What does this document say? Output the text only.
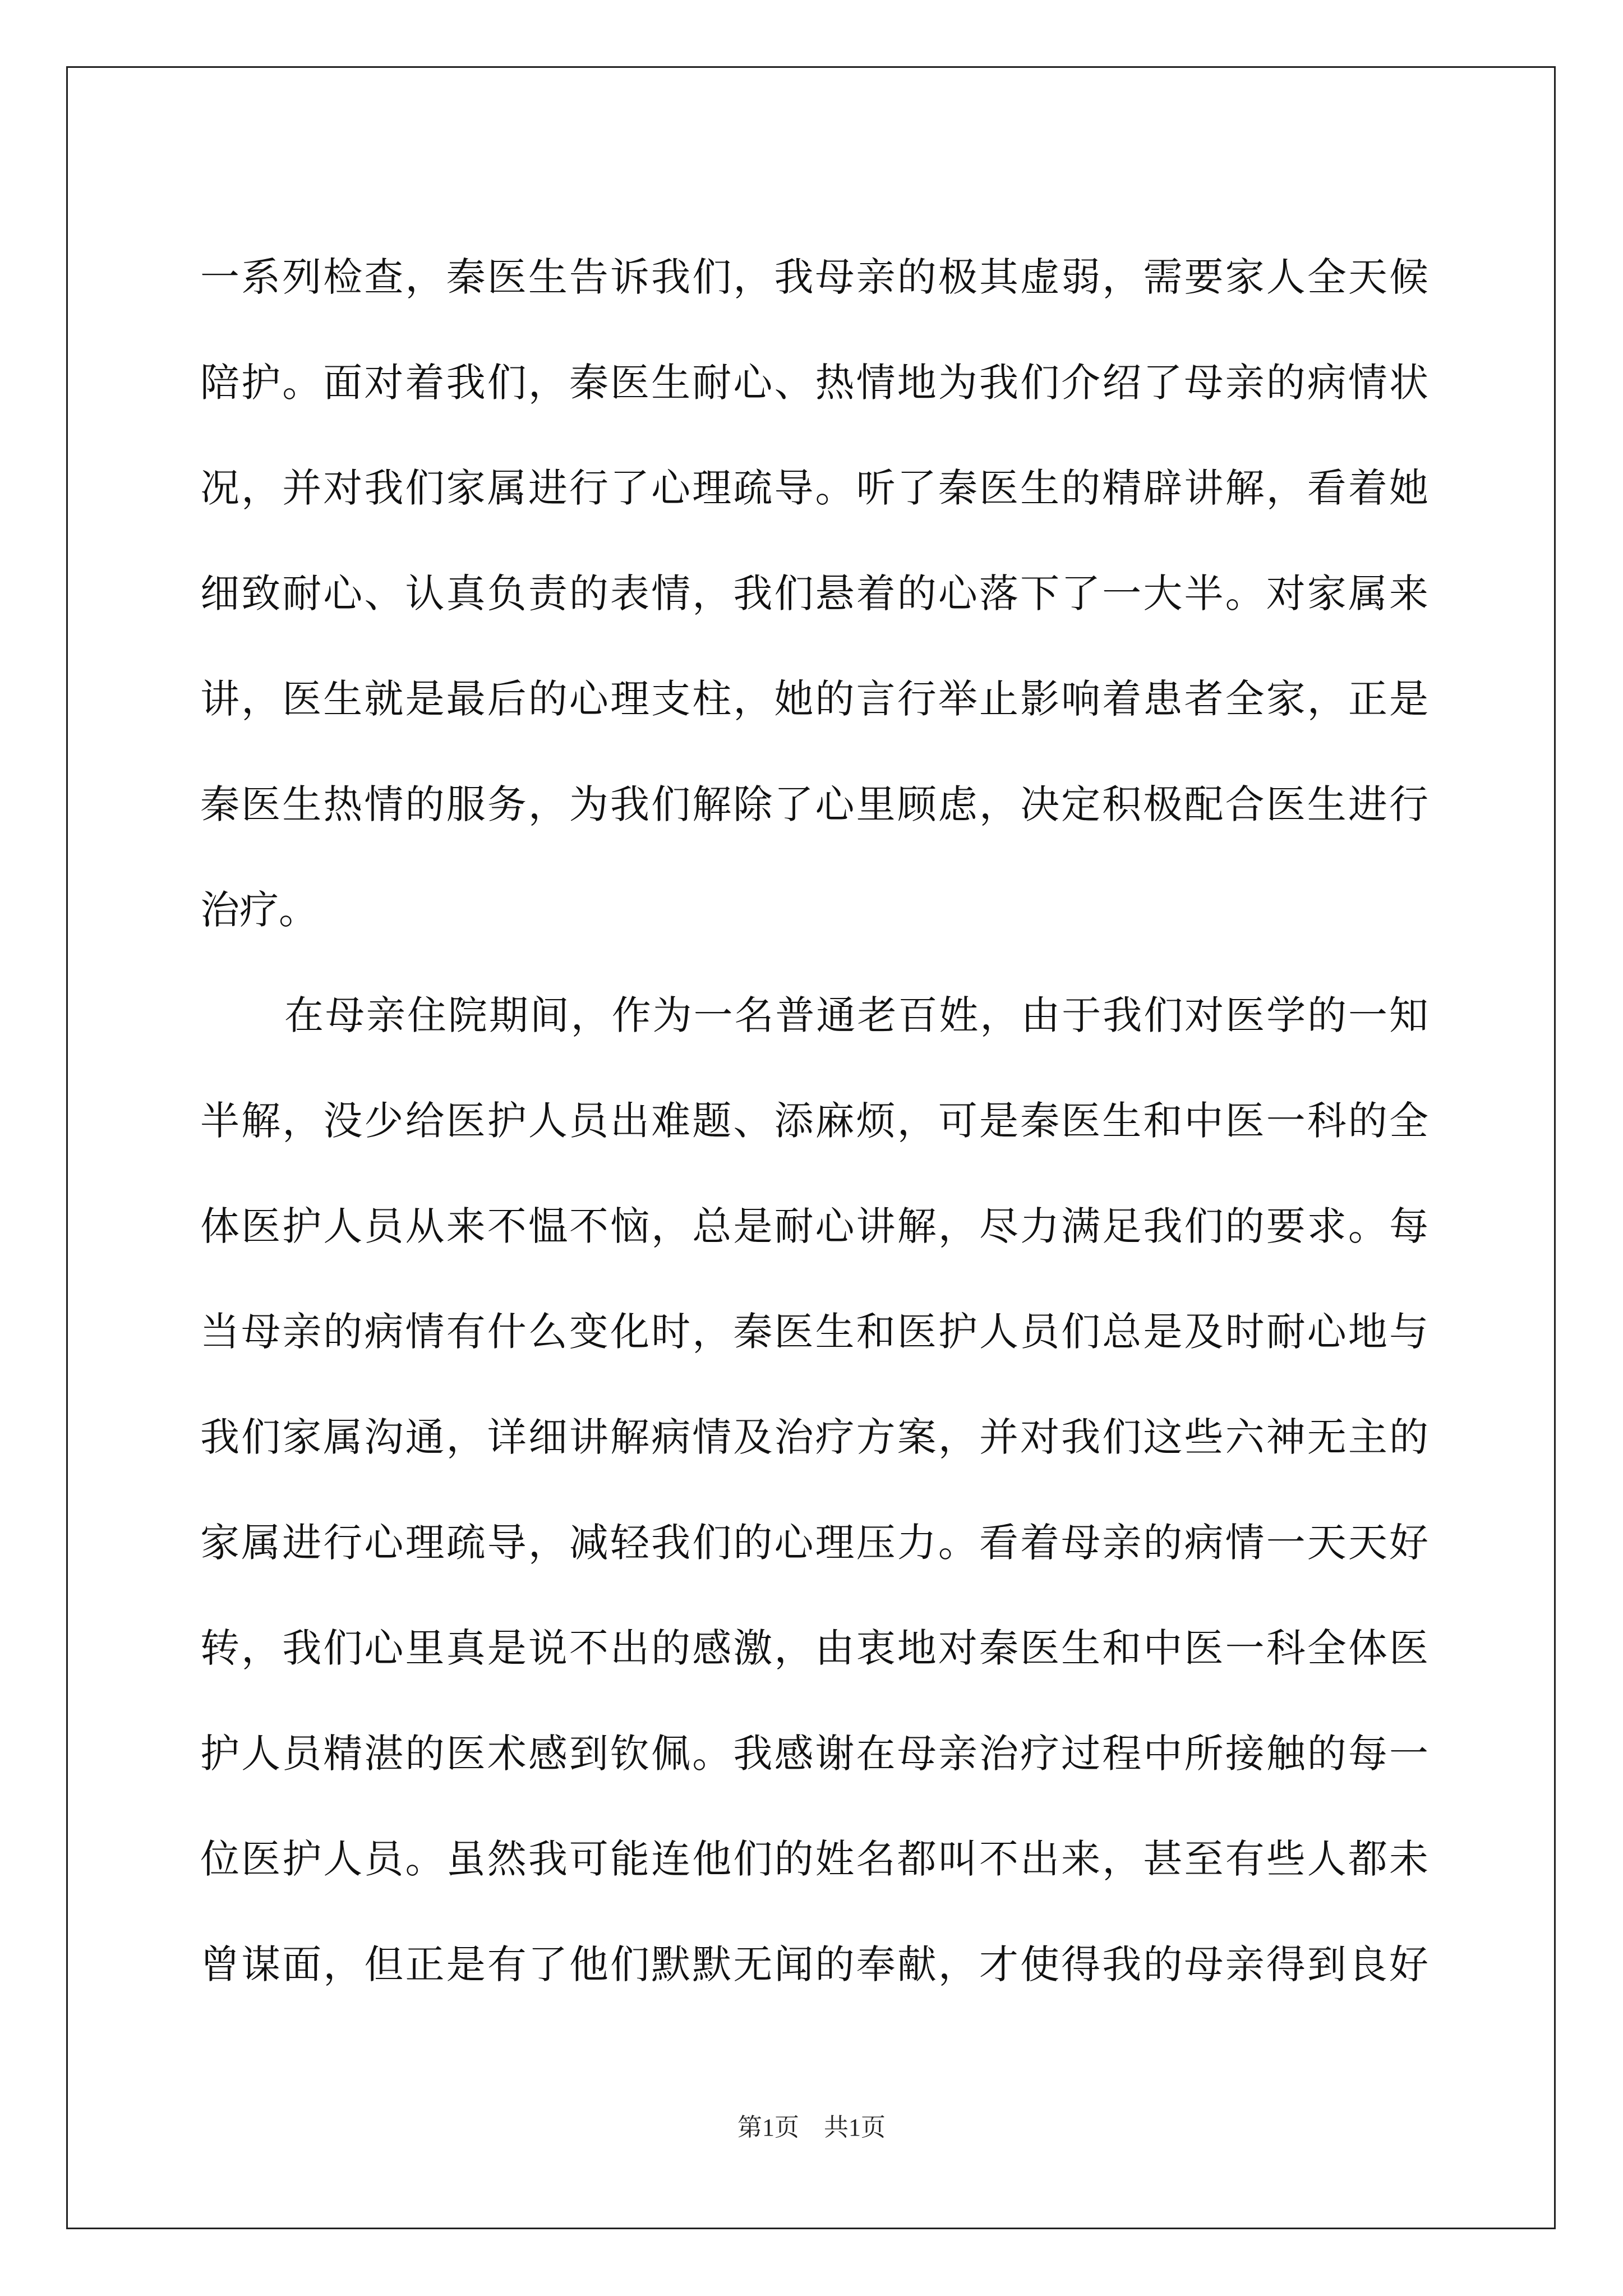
一系列检查，秦医生告诉我们，我母亲的极其虚弱，需要家人全天候
陪护。面对着我们，秦医生耐心、热情地为我们介绍了母亲的病情状
况，并对我们家属进行了心理疏导。听了秦医生的精辟讲解，看着她
细致耐心、认真负责的表情，我们悬着的心落下了一大半。对家属来
讲，医生就是最后的心理支柱，她的言行举止影响着患者全家，正是
秦医生热情的服务，为我们解除了心里顾虑，决定积极配合医生进行
治疗。
在母亲住院期间，作为一名普通老百姓，由于我们对医学的一知
半解，没少给医护人员出难题、添麻烦，可是秦医生和中医一科的全
体医护人员从来不愠不恼，总是耐心讲解，尽力满足我们的要求。每
当母亲的病情有什么变化时，秦医生和医护人员们总是及时耐心地与
我们家属沟通，详细讲解病情及治疗方案，并对我们这些六神无主的
家属进行心理疏导，减轻我们的心理压力。看着母亲的病情一天天好
转，我们心里真是说不出的感激，由衷地对秦医生和中医一科全体医
护人员精湛的医术感到钦佩。我感谢在母亲治疗过程中所接触的每一
位医护人员。虽然我可能连他们的姓名都叫不出来，甚至有些人都未
曾谋面，但正是有了他们默默无闻的奉献，才使得我的母亲得到良好
第1页　共1页
